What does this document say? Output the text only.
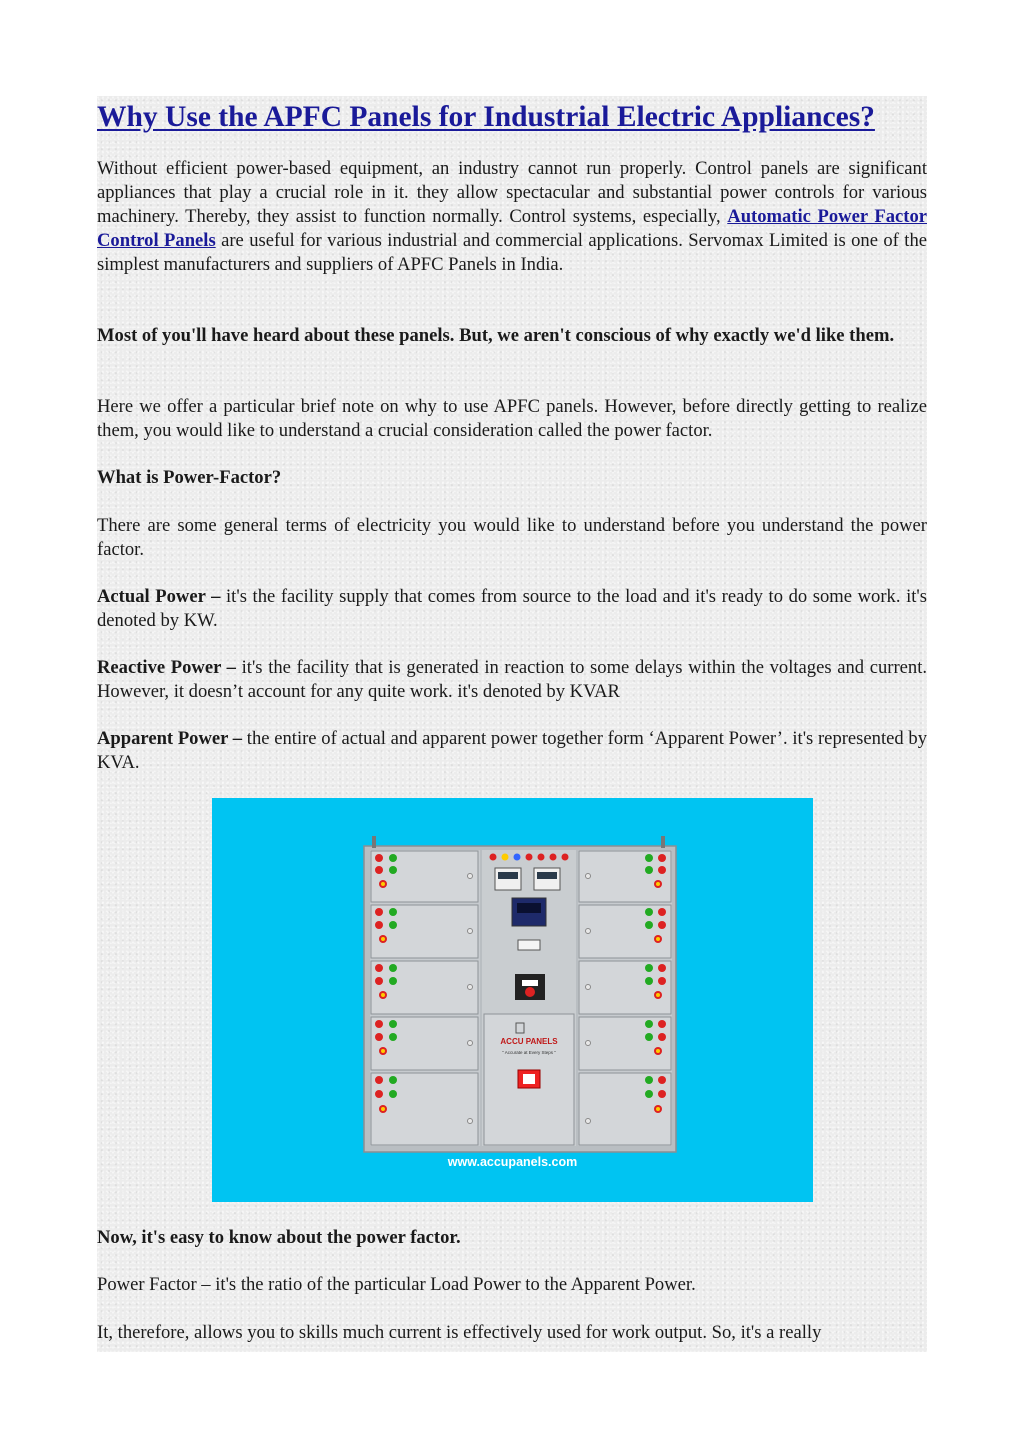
Why Use the APFC Panels for Industrial Electric Appliances?

Without efficient power-based equipment, an industry cannot run properly. Control panels are significant appliances that play a crucial role in it. they allow spectacular and substantial power controls for various machinery. Thereby, they assist to function normally. Control systems, especially, Automatic Power Factor Control Panels are useful for various industrial and commercial applications. Servomax Limited is one of the simplest manufacturers and suppliers of APFC Panels in India.

Most of you'll have heard about these panels. But, we aren't conscious of why exactly we'd like them.

Here we offer a particular brief note on why to use APFC panels. However, before directly getting to realize them, you would like to understand a crucial consideration called the power factor.

What is Power-Factor?

There are some general terms of electricity you would like to understand before you understand the power factor.

Actual Power – it's the facility supply that comes from source to the load and it's ready to do some work. it's denoted by KW.

Reactive Power – it's the facility that is generated in reaction to some delays within the voltages and current. However, it doesn’t account for any quite work. it's denoted by KVAR

Apparent Power – the entire of actual and apparent power together form ‘Apparent Power’. it's represented by KVA.

ACCU PANELS
" Accurate at Every Steps "
www.accupanels.com

Now, it's easy to know about the power factor.

Power Factor – it's the ratio of the particular Load Power to the Apparent Power.

It, therefore, allows you to skills much current is effectively used for work output. So, it's a really
